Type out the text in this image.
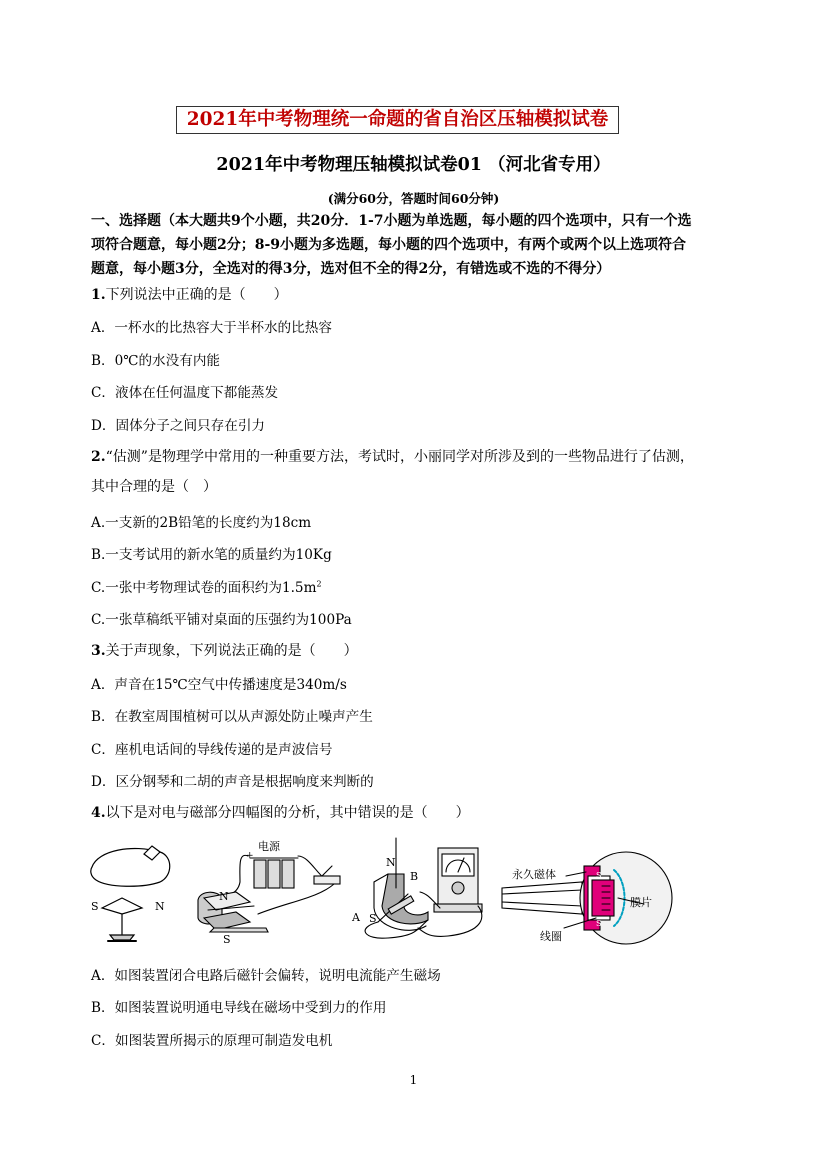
2021年中考物理统一命题的省自治区压轴模拟试卷
2021年中考物理压轴模拟试卷01 （河北省专用）
(满分60分，答题时间60分钟)
一、选择题（本大题共9个小题，共20分．1-7小题为单选题，每小题的四个选项中，只有一个选
项符合题意，每小题2分；8-9小题为多选题，每小题的四个选项中，有两个或两个以上选项符合
题意，每小题3分，全选对的得3分，选对但不全的得2分，有错选或不选的不得分）
1.下列说法中正确的是（　　）
A．一杯水的比热容大于半杯水的比热容
B．0℃的水没有内能
C．液体在任何温度下都能蒸发
D．固体分子之间只存在引力
2.“估测”是物理学中常用的一种重要方法，考试时，小丽同学对所涉及到的一些物品进行了估测，
其中合理的是（　）
A.一支新的2B铅笔的长度约为18cm
B.一支考试用的新水笔的质量约为10Kg
C.一张中考物理试卷的面积约为$1.5m^2$
C.一张草稿纸平铺对桌面的压强约为100Pa
3.关于声现象，下列说法正确的是（　　）
A．声音在15℃空气中传播速度是340m/s
B．在教室周围植树可以从声源处防止噪声产生
C．座机电话间的导线传递的是声波信号
D．区分钢琴和二胡的声音是根据响度来判断的
4.以下是对电与磁部分四幅图的分析，其中错误的是（　　）
S	N
电源
+
N
S
N
B
A S
永久磁体
膜片
线圈
S
S
A．如图装置闭合电路后磁针会偏转，说明电流能产生磁场
B．如图装置说明通电导线在磁场中受到力的作用
C．如图装置所揭示的原理可制造发电机
1
